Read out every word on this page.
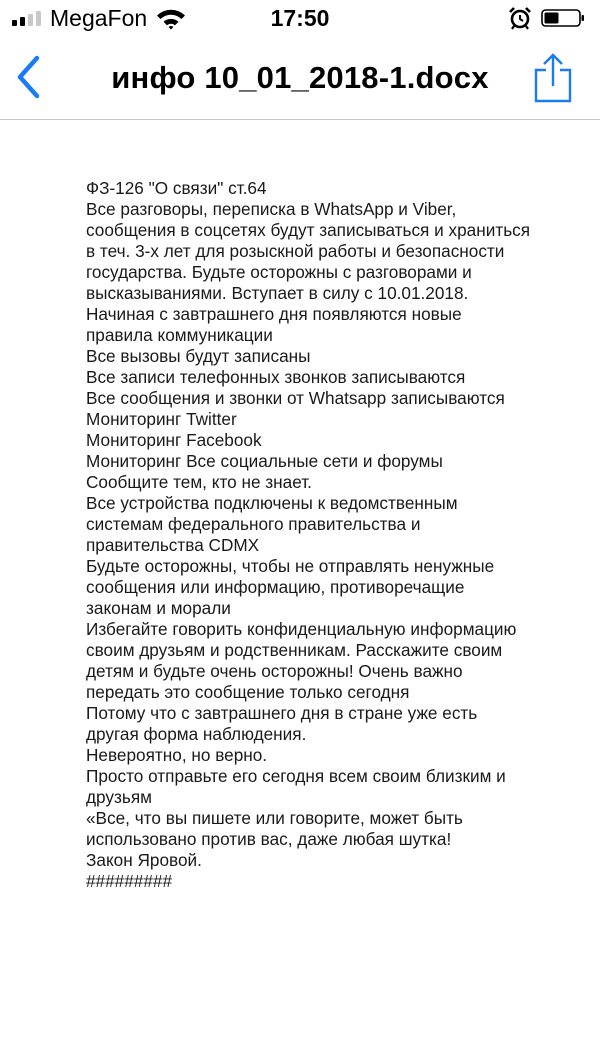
MegaFon	17:50
инфо 10_01_2018-1.docx
ФЗ-126 "О связи" ст.64
Все разговоры, переписка в WhatsApp и Viber,
сообщения в соцсетях будут записываться и храниться
в теч. 3-х лет для розыскной работы и безопасности
государства. Будьте осторожны с разговорами и
высказываниями. Вступает в силу с 10.01.2018.
Начиная с завтрашнего дня появляются новые
правила коммуникации
Все вызовы будут записаны
Все записи телефонных звонков записываются
Все сообщения и звонки от Whatsapp записываются
Мониторинг Twitter
Мониторинг Facebook
Мониторинг Все социальные сети и форумы
Сообщите тем, кто не знает.
Все устройства подключены к ведомственным
системам федерального правительства и
правительства CDMX
Будьте осторожны, чтобы не отправлять ненужные
сообщения или информацию, противоречащие
законам и морали
Избегайте говорить конфиденциальную информацию
своим друзьям и родственникам. Расскажите своим
детям и будьте очень осторожны! Очень важно
передать это сообщение только сегодня
Потому что с завтрашнего дня в стране уже есть
другая форма наблюдения.
Невероятно, но верно.
Просто отправьте его сегодня всем своим близким и
друзьям
«Все, что вы пишете или говорите, может быть
использовано против вас, даже любая шутка!
Закон Яровой.
#########
